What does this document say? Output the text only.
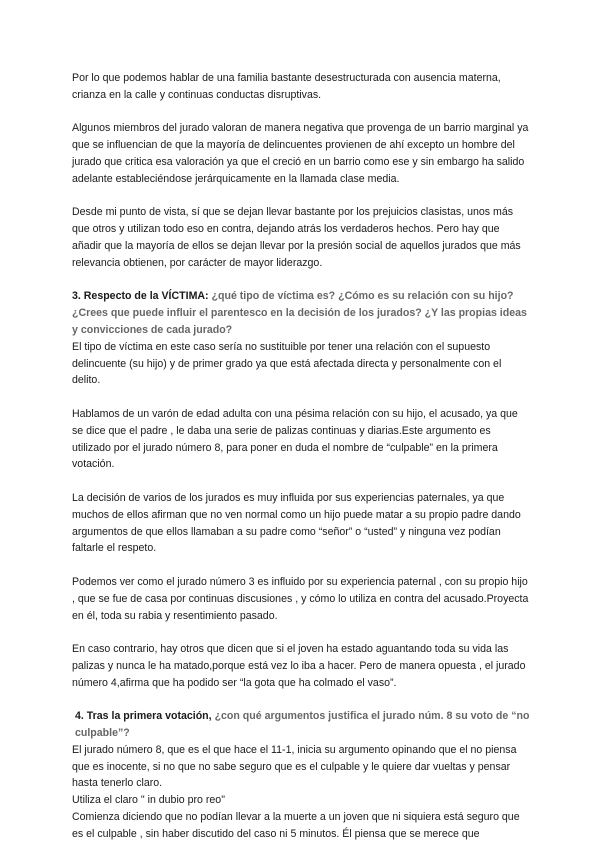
Por lo que podemos hablar de una familia bastante desestructurada con ausencia materna, crianza en la calle y continuas conductas disruptivas.

Algunos miembros del jurado valoran de manera negativa que provenga de un barrio marginal ya que se influencian de que la mayoría de delincuentes provienen de ahí excepto un hombre del jurado que critica esa valoración ya que el creció en un barrio como ese y sin embargo ha salido adelante estableciéndose jerárquicamente en la llamada clase media.

Desde mi punto de vista, sí que se dejan llevar bastante por los prejuicios clasistas, unos más que otros y utilizan todo eso en contra, dejando atrás los verdaderos hechos. Pero hay que añadir que la mayoría de ellos se dejan llevar por la presión social de aquellos jurados que más relevancia obtienen, por carácter de mayor liderazgo.

3. Respecto de la VÍCTIMA: ¿qué tipo de víctima es? ¿Cómo es su relación con su hijo? ¿Crees que puede influir el parentesco en la decisión de los jurados? ¿Y las propias ideas y convicciones de cada jurado?

El tipo de víctima en este caso sería no sustituible por tener una relación con el supuesto delincuente (su hijo) y de primer grado ya que está afectada directa y personalmente con el delito.

Hablamos de un varón de edad adulta con una pésima relación con su hijo, el acusado, ya que se dice que el padre , le daba una serie de palizas continuas y diarias.Este argumento es utilizado por el jurado número 8, para poner en duda el nombre de “culpable” en la primera votación.

La decisión de varios de los jurados es muy influida por sus experiencias paternales, ya que muchos de ellos afirman que no ven normal como un hijo puede matar a su propio padre dando argumentos de que ellos llamaban a su padre como “señor” o “usted” y ninguna vez podían faltarle el respeto.

Podemos ver como el jurado número 3 es influido por su experiencia paternal , con su propio hijo , que se fue de casa por continuas discusiones , y cómo lo utiliza en contra del acusado.Proyecta en él, toda su rabia y resentimiento pasado.

En caso contrario, hay otros que dicen que si el joven ha estado aguantando toda su vida las palizas y nunca le ha matado,porque está vez lo iba a hacer. Pero de manera opuesta , el jurado número 4,afirma que ha podido ser “la gota que ha colmado el vaso”.

4. Tras la primera votación, ¿con qué argumentos justifica el jurado núm. 8 su voto de “no culpable”?

El jurado número 8, que es el que hace el 11-1, inicia su argumento opinando que el no piensa que es inocente, si no que no sabe seguro que es el culpable y le quiere dar vueltas y pensar hasta tenerlo claro.

Utiliza el claro " in dubio pro reo"

Comienza diciendo que no podían llevar a la muerte a un joven que ni siquiera está seguro que es el culpable , sin haber discutido del caso ni 5 minutos. Él piensa que se merece que
